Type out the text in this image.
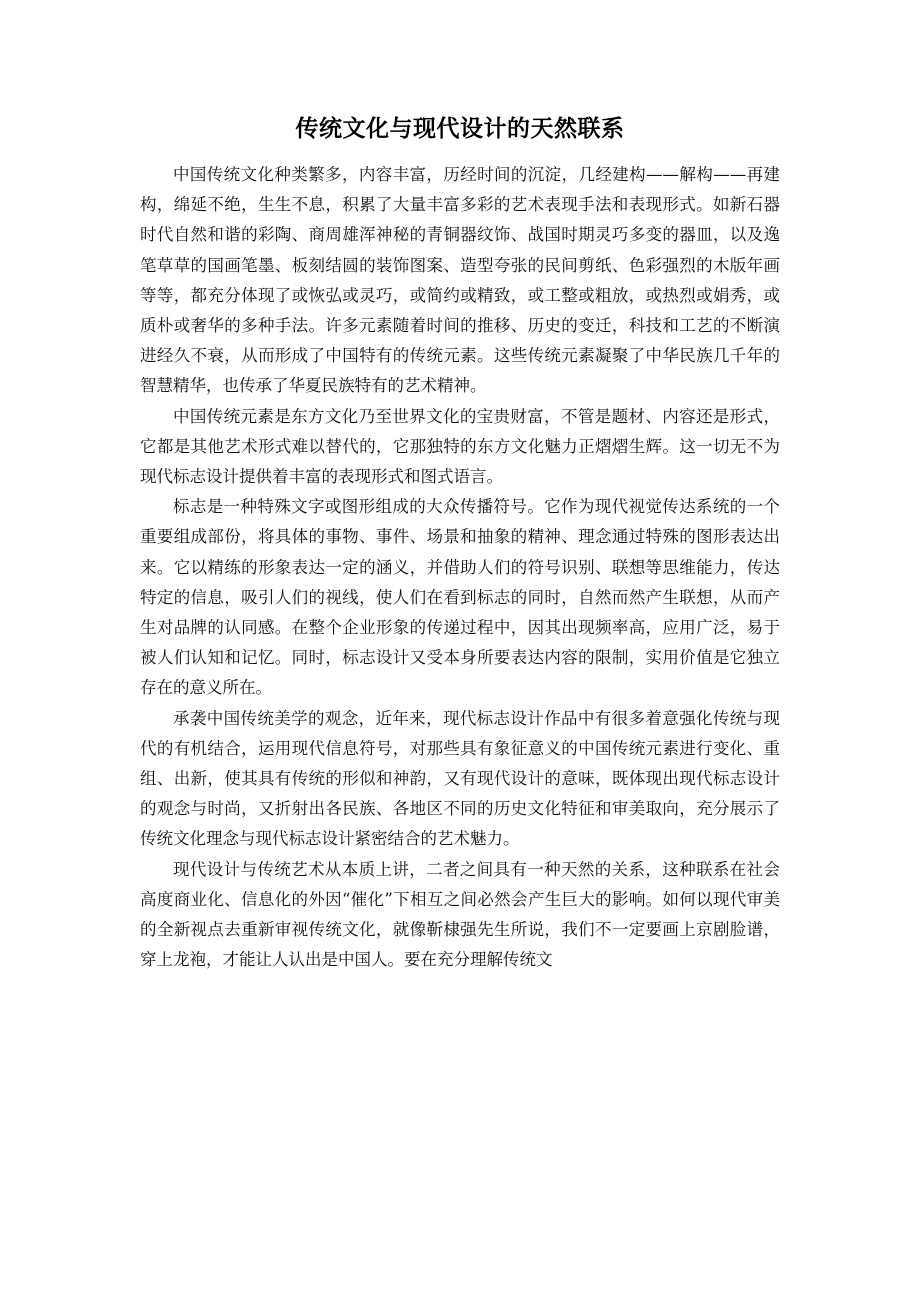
传统文化与现代设计的天然联系

中国传统文化种类繁多，内容丰富，历经时间的沉淀，几经建构——解构——再建构，绵延不绝，生生不息，积累了大量丰富多彩的艺术表现手法和表现形式。如新石器时代自然和谐的彩陶、商周雄浑神秘的青铜器纹饰、战国时期灵巧多变的器皿，以及逸笔草草的国画笔墨、板刻结圆的装饰图案、造型夸张的民间剪纸、色彩强烈的木版年画等等，都充分体现了或恢弘或灵巧，或简约或精致，或工整或粗放，或热烈或娟秀，或质朴或奢华的多种手法。许多元素随着时间的推移、历史的变迁，科技和工艺的不断演进经久不衰，从而形成了中国特有的传统元素。这些传统元素凝聚了中华民族几千年的智慧精华，也传承了华夏民族特有的艺术精神。

中国传统元素是东方文化乃至世界文化的宝贵财富，不管是题材、内容还是形式，它都是其他艺术形式难以替代的，它那独特的东方文化魅力正熠熠生辉。这一切无不为现代标志设计提供着丰富的表现形式和图式语言。

标志是一种特殊文字或图形组成的大众传播符号。它作为现代视觉传达系统的一个重要组成部份，将具体的事物、事件、场景和抽象的精神、理念通过特殊的图形表达出来。它以精练的形象表达一定的涵义，并借助人们的符号识别、联想等思维能力，传达特定的信息，吸引人们的视线，使人们在看到标志的同时，自然而然产生联想，从而产生对品牌的认同感。在整个企业形象的传递过程中，因其出现频率高，应用广泛，易于被人们认知和记忆。同时，标志设计又受本身所要表达内容的限制，实用价值是它独立存在的意义所在。

承袭中国传统美学的观念，近年来，现代标志设计作品中有很多着意强化传统与现代的有机结合，运用现代信息符号，对那些具有象征意义的中国传统元素进行变化、重组、出新，使其具有传统的形似和神韵，又有现代设计的意味，既体现出现代标志设计的观念与时尚，又折射出各民族、各地区不同的历史文化特征和审美取向，充分展示了传统文化理念与现代标志设计紧密结合的艺术魅力。

现代设计与传统艺术从本质上讲，二者之间具有一种天然的关系，这种联系在社会高度商业化、信息化的外因“催化”下相互之间必然会产生巨大的影响。如何以现代审美的全新视点去重新审视传统文化，就像靳棣强先生所说，我们不一定要画上京剧脸谱，穿上龙袍，才能让人认出是中国人。要在充分理解传统文
